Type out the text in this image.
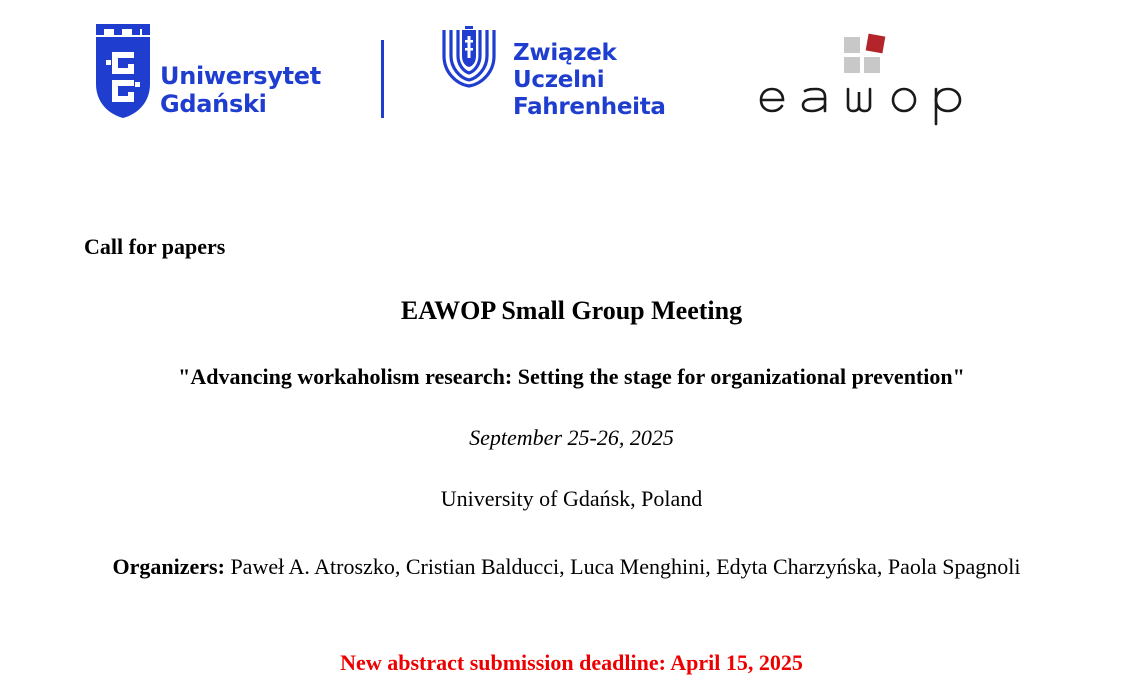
Uniwersytet
Gdański
Związek
Uczelni
Fahrenheita
Call for papers
EAWOP Small Group Meeting
"Advancing workaholism research: Setting the stage for organizational prevention"
September 25-26, 2025
University of Gdańsk, Poland
Organizers: Paweł A. Atroszko, Cristian Balducci, Luca Menghini, Edyta Charzyńska, Paola Spagnoli
New abstract submission deadline: April 15, 2025
